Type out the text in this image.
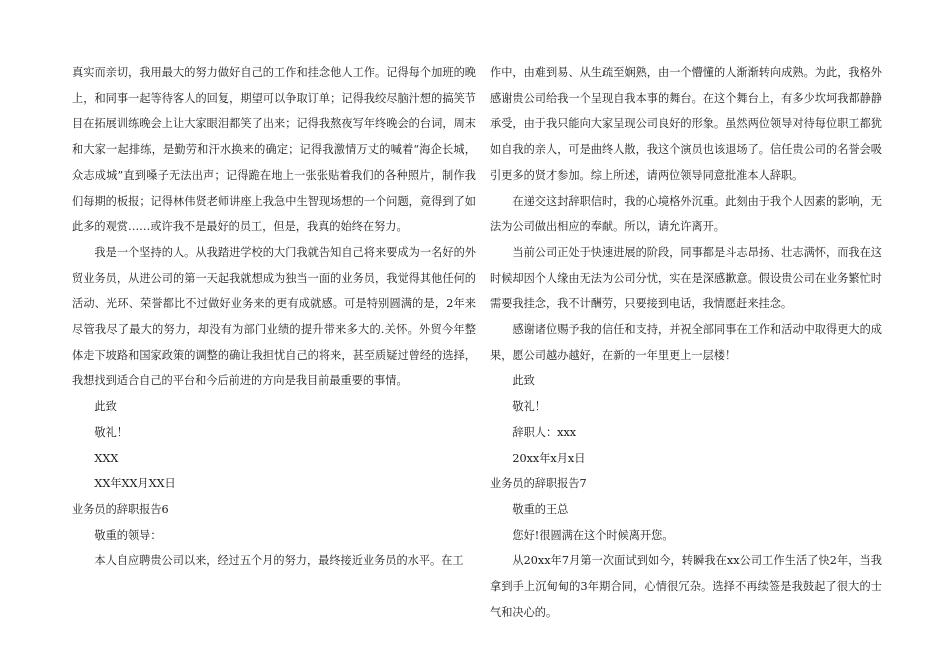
真实而亲切，我用最大的努力做好自己的工作和挂念他人工作。记得每个加班的晚上，和同事一起等待客人的回复，期望可以争取订单；记得我绞尽脑汁想的搞笑节目在拓展训练晚会上让大家眼泪都笑了出来；记得我熬夜写年终晚会的台词，周末和大家一起排练，是勤劳和汗水换来的确定；记得我激情万丈的喊着“海企长城，众志成城”直到嗓子无法出声；记得跪在地上一张张贴着我们的各种照片，制作我们每期的板报；记得林伟贤老师讲座上我急中生智现场想的一个问题，竟得到了如此多的观赏……或许我不是最好的员工，但是，我真的始终在努力。

我是一个坚持的人。从我踏进学校的大门我就告知自己将来要成为一名好的外贸业务员，从进公司的第一天起我就想成为独当一面的业务员，我觉得其他任何的活动、光环、荣誉都比不过做好业务来的更有成就感。可是特别圆满的是，2年来尽管我尽了最大的努力，却没有为部门业绩的提升带来多大的.关怀。外贸今年整体走下坡路和国家政策的调整的确让我担忧自己的将来，甚至质疑过曾经的选择，我想找到适合自己的平台和今后前进的方向是我目前最重要的事情。

此致

敬礼！

XXX

XX年XX月XX日

业务员的辞职报告6

敬重的领导：

本人自应聘贵公司以来，经过五个月的努力，最终接近业务员的水平。在工

作中，由难到易、从生疏至娴熟，由一个懵懂的人渐渐转向成熟。为此，我格外感谢贵公司给我一个呈现自我本事的舞台。在这个舞台上，有多少坎坷我都静静承受，由于我只能向大家呈现公司良好的形象。虽然两位领导对待每位职工都犹如自我的亲人，可是曲终人散，我这个演员也该退场了。信任贵公司的名誉会吸引更多的贤才参加。综上所述，请两位领导同意批准本人辞职。

在递交这封辞职信时，我的心境格外沉重。此刻由于我个人因素的影响，无法为公司做出相应的奉献。所以，请允许离开。

当前公司正处于快速进展的阶段，同事都是斗志昂扬、壮志满怀，而我在这时候却因个人缘由无法为公司分忧，实在是深感歉意。假设贵公司在业务繁忙时需要我挂念，我不计酬劳，只要接到电话，我情愿赶来挂念。

感谢诸位赐予我的信任和支持，并祝全部同事在工作和活动中取得更大的成果，愿公司越办越好，在新的一年里更上一层楼！

此致

敬礼！

辞职人：xxx

20xx年x月x日

业务员的辞职报告7

敬重的王总

您好!很圆满在这个时候离开您。

从20xx年7月第一次面试到如今，转瞬我在xx公司工作生活了快2年，当我拿到手上沉甸甸的3年期合同，心情很冗杂。选择不再续签是我鼓起了很大的士气和决心的。
